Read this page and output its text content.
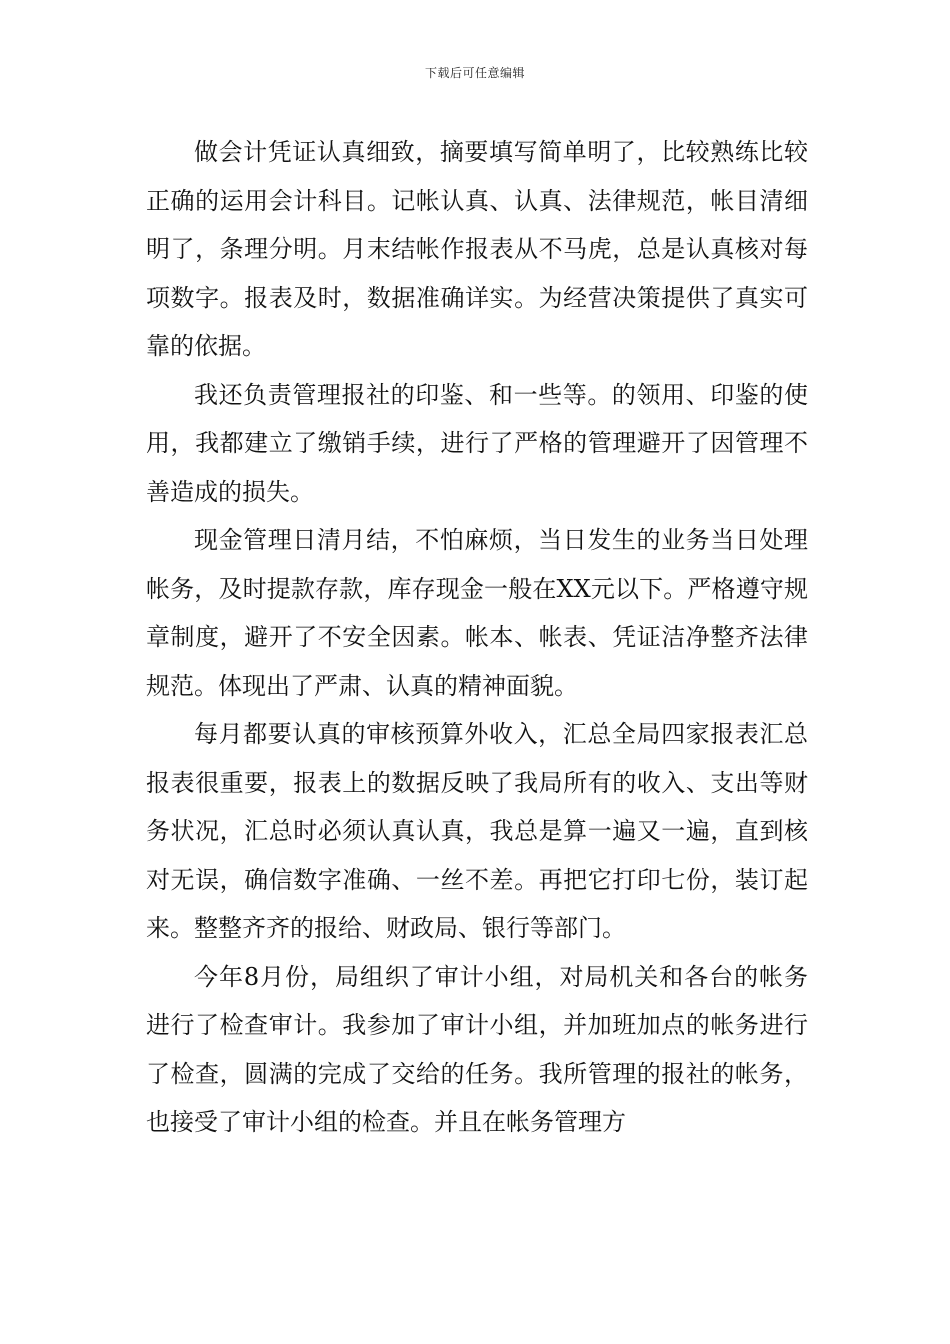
下载后可任意编辑

做会计凭证认真细致，摘要填写简单明了，比较熟练比较正确的运用会计科目。记帐认真、认真、法律规范，帐目清细明了，条理分明。月末结帐作报表从不马虎，总是认真核对每项数字。报表及时，数据准确详实。为经营决策提供了真实可靠的依据。

我还负责管理报社的印鉴、和一些等。的领用、印鉴的使用，我都建立了缴销手续，进行了严格的管理避开了因管理不善造成的损失。

现金管理日清月结，不怕麻烦，当日发生的业务当日处理帐务，及时提款存款，库存现金一般在XX元以下。严格遵守规章制度，避开了不安全因素。帐本、帐表、凭证洁净整齐法律规范。体现出了严肃、认真的精神面貌。

每月都要认真的审核预算外收入，汇总全局四家报表汇总报表很重要，报表上的数据反映了我局所有的收入、支出等财务状况，汇总时必须认真认真，我总是算一遍又一遍，直到核对无误，确信数字准确、一丝不差。再把它打印七份，装订起来。整整齐齐的报给、财政局、银行等部门。

今年8月份，局组织了审计小组，对局机关和各台的帐务进行了检查审计。我参加了审计小组，并加班加点的帐务进行了检查，圆满的完成了交给的任务。我所管理的报社的帐务，也接受了审计小组的检查。并且在帐务管理方
